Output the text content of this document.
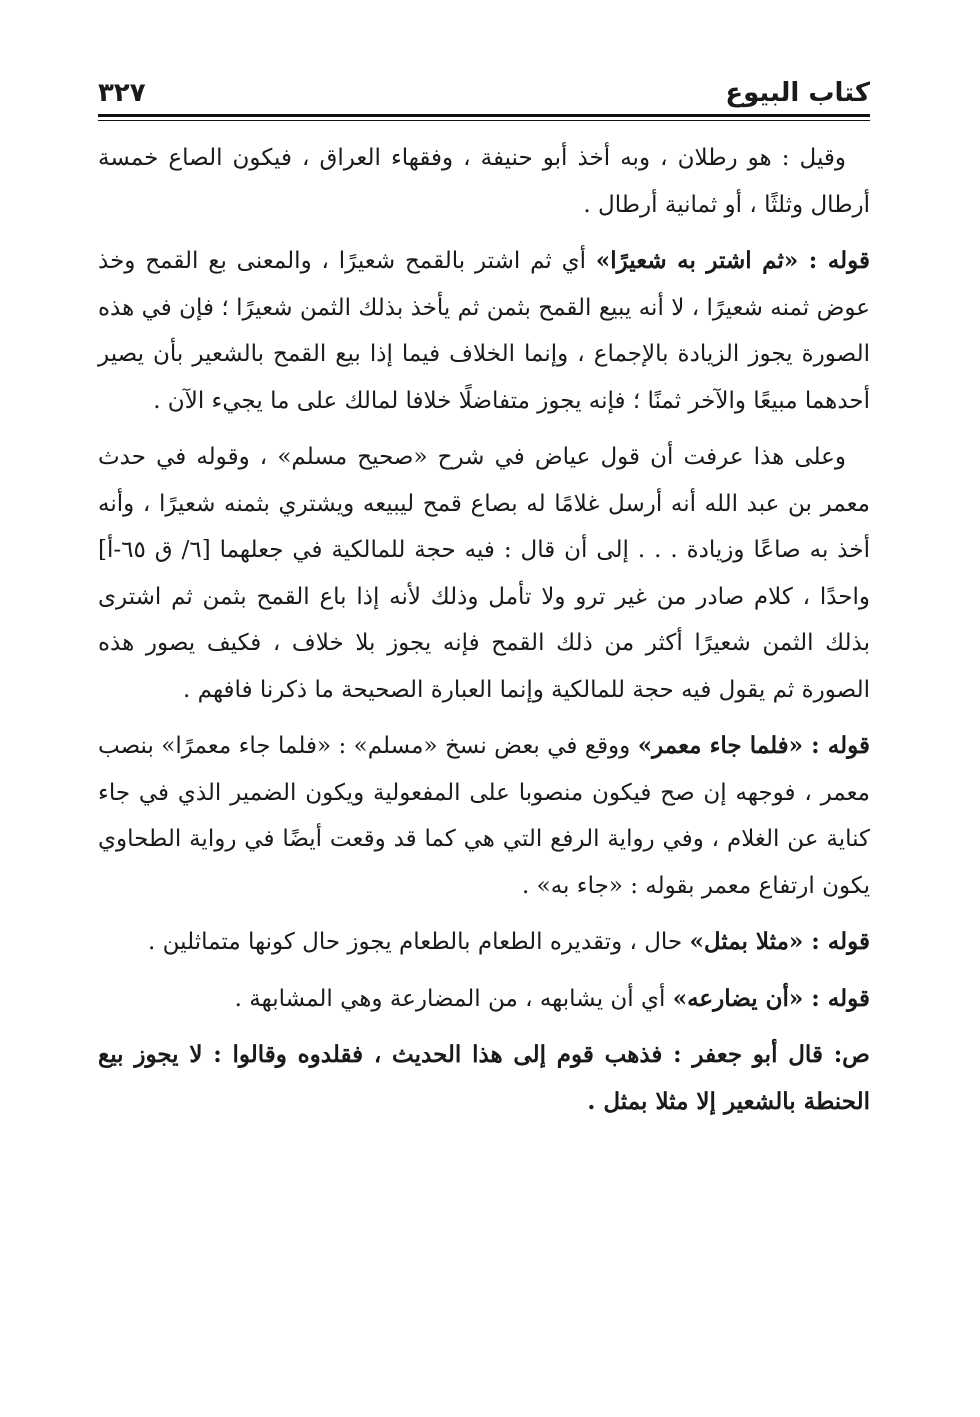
كتاب البيوع
٣٢٧

وقيل : هو رطلان ، وبه أخذ أبو حنيفة ، وفقهاء العراق ، فيكون الصاع خمسة أرطال وثلثًا ، أو ثمانية أرطال .

قوله : «ثم اشتر به شعيرًا» أي ثم اشتر بالقمح شعيرًا ، والمعنى بع القمح وخذ عوض ثمنه شعيرًا ، لا أنه يبيع القمح بثمن ثم يأخذ بذلك الثمن شعيرًا ؛ فإن في هذه الصورة يجوز الزيادة بالإجماع ، وإنما الخلاف فيما إذا بيع القمح بالشعير بأن يصير أحدهما مبيعًا والآخر ثمنًا ؛ فإنه يجوز متفاضلًا خلافا لمالك على ما يجيء الآن .

وعلى هذا عرفت أن قول عياض في شرح «صحيح مسلم» ، وقوله في حدث معمر بن عبد الله أنه أرسل غلامًا له بصاع قمح ليبيعه ويشتري بثمنه شعيرًا ، وأنه أخذ به صاعًا وزيادة . . . إلى أن قال : فيه حجة للمالكية في جعلهما [٦/ ق ٦٥-أ] واحدًا ، كلام صادر من غير ترو ولا تأمل وذلك لأنه إذا باع القمح بثمن ثم اشترى بذلك الثمن شعيرًا أكثر من ذلك القمح فإنه يجوز بلا خلاف ، فكيف يصور هذه الصورة ثم يقول فيه حجة للمالكية وإنما العبارة الصحيحة ما ذكرنا فافهم .

قوله : «فلما جاء معمر» ووقع في بعض نسخ «مسلم» : «فلما جاء معمرًا» بنصب معمر ، فوجهه إن صح فيكون منصوبا على المفعولية ويكون الضمير الذي في جاء كناية عن الغلام ، وفي رواية الرفع التي هي كما قد وقعت أيضًا في رواية الطحاوي يكون ارتفاع معمر بقوله : «جاء به» .

قوله : «مثلا بمثل» حال ، وتقديره الطعام بالطعام يجوز حال كونها متماثلين .

قوله : «أن يضارعه» أي أن يشابهه ، من المضارعة وهي المشابهة .

ص: قال أبو جعفر : فذهب قوم إلى هذا الحديث ، فقلدوه وقالوا : لا يجوز بيع الحنطة بالشعير إلا مثلا بمثل .
